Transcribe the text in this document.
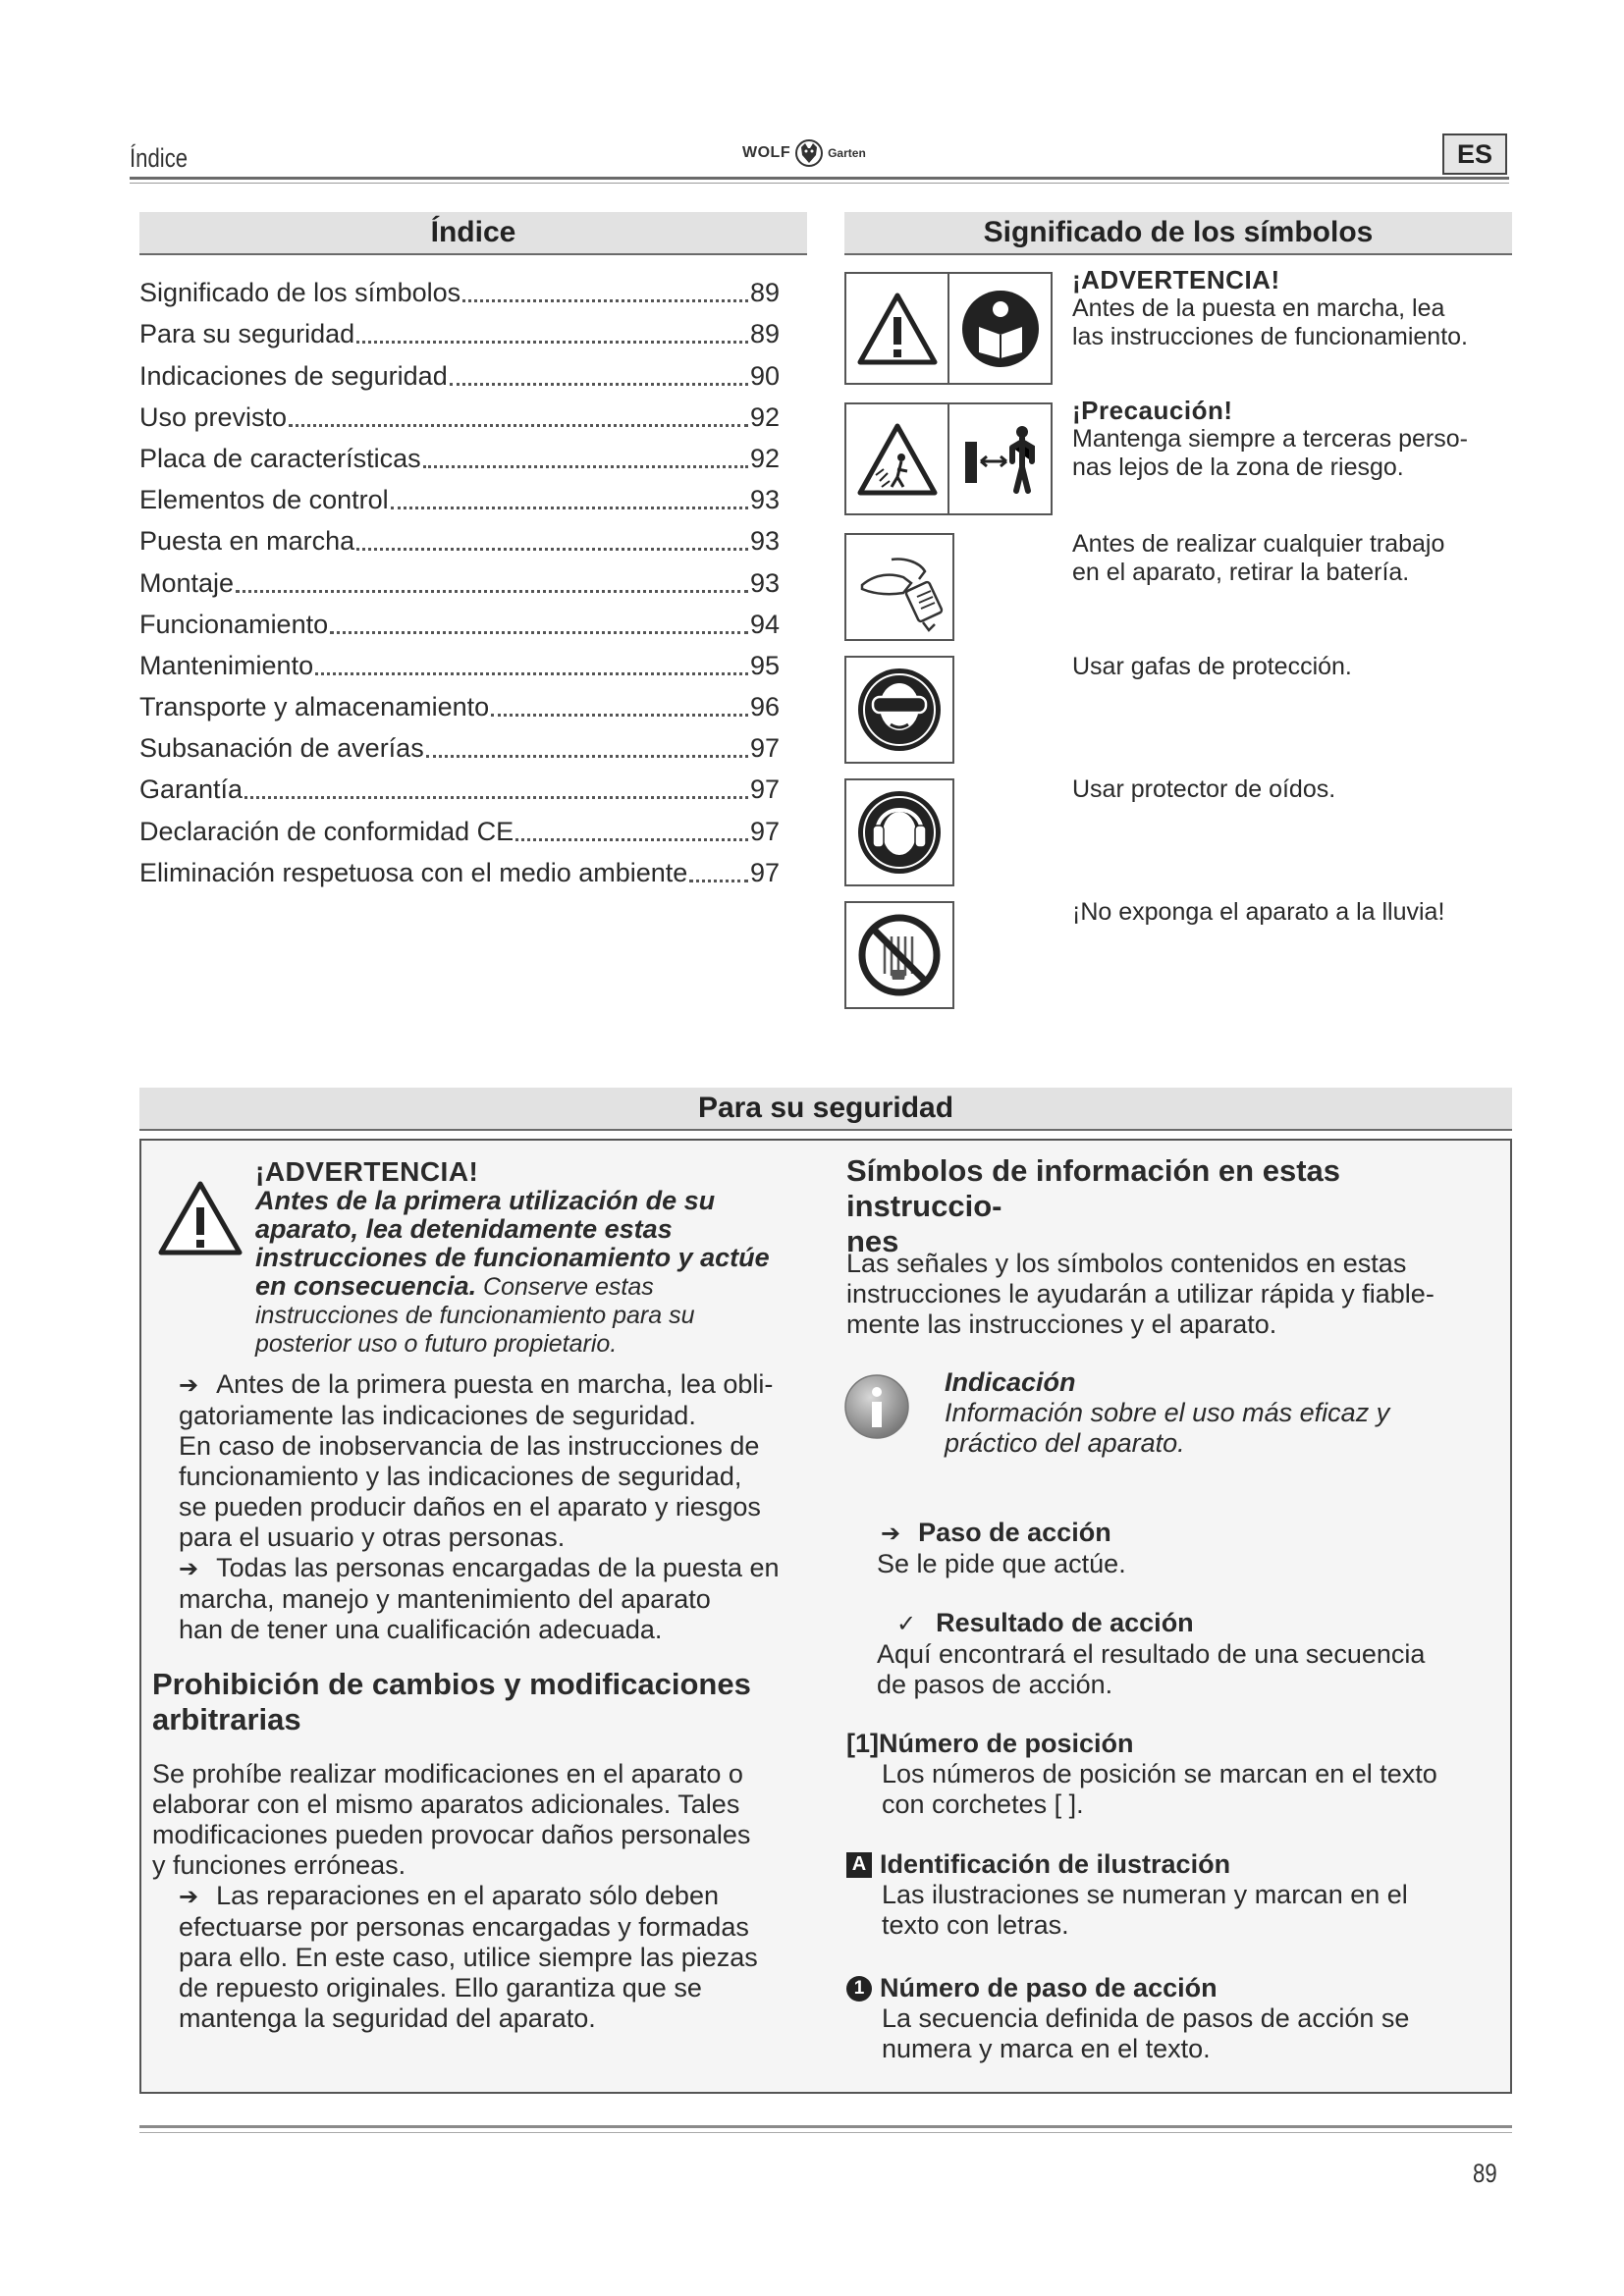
Índice	WOLF	Garten	ES
Índice
Significado de los símbolos	89
Para su seguridad	89
Indicaciones de seguridad	90
Uso previsto	92
Placa de características	92
Elementos de control	93
Puesta en marcha	93
Montaje	93
Funcionamiento	94
Mantenimiento	95
Transporte y almacenamiento	96
Subsanación de averías	97
Garantía	97
Declaración de conformidad CE	97
Eliminación respetuosa con el medio ambiente 97
Significado de los símbolos
¡ADVERTENCIA!
Antes de la puesta en marcha, lea
las instrucciones de funcionamiento.
¡Precaución!
Mantenga siempre a terceras perso-
nas lejos de la zona de riesgo.
Antes de realizar cualquier trabajo
en el aparato, retirar la batería.
Usar gafas de protección.
Usar protector de oídos.
¡No exponga el aparato a la lluvia!
Para su seguridad
¡ADVERTENCIA!
Antes de la primera utilización de su
aparato, lea detenidamente estas
instrucciones de funcionamiento y actúe
en consecuencia. Conserve estas
instrucciones de funcionamiento para su
posterior uso o futuro propietario.
➔ Antes de la primera puesta en marcha, lea obli-
gatoriamente las indicaciones de seguridad.
En caso de inobservancia de las instrucciones de
funcionamiento y las indicaciones de seguridad,
se pueden producir daños en el aparato y riesgos
para el usuario y otras personas.
➔ Todas las personas encargadas de la puesta en
marcha, manejo y mantenimiento del aparato
han de tener una cualificación adecuada.
Prohibición de cambios y modificaciones
arbitrarias
Se prohíbe realizar modificaciones en el aparato o
elaborar con el mismo aparatos adicionales. Tales
modificaciones pueden provocar daños personales
y funciones erróneas.
➔ Las reparaciones en el aparato sólo deben
efectuarse por personas encargadas y formadas
para ello. En este caso, utilice siempre las piezas
de repuesto originales. Ello garantiza que se
mantenga la seguridad del aparato.
Símbolos de información en estas instruccio-
nes
Las señales y los símbolos contenidos en estas
instrucciones le ayudarán a utilizar rápida y fiable-
mente las instrucciones y el aparato.
Indicación
Información sobre el uso más eficaz y
práctico del aparato.
➔ Paso de acción
Se le pide que actúe.
✓ Resultado de acción
Aquí encontrará el resultado de una secuencia
de pasos de acción.
[1]Número de posición
Los números de posición se marcan en el texto
con corchetes [ ].
A Identificación de ilustración
Las ilustraciones se numeran y marcan en el
texto con letras.
1 Número de paso de acción
La secuencia definida de pasos de acción se
numera y marca en el texto.
89
